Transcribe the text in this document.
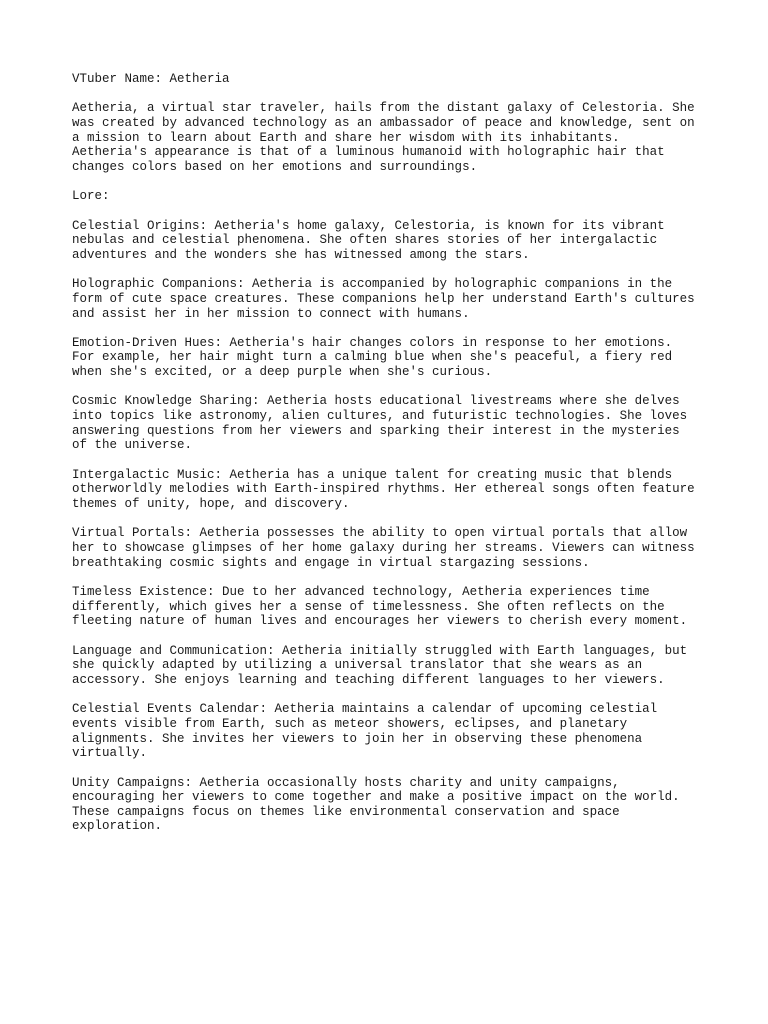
VTuber Name: Aetheria
Aetheria, a virtual star traveler, hails from the distant galaxy of Celestoria. She
was created by advanced technology as an ambassador of peace and knowledge, sent on
a mission to learn about Earth and share her wisdom with its inhabitants.
Aetheria's appearance is that of a luminous humanoid with holographic hair that
changes colors based on her emotions and surroundings.
Lore:
Celestial Origins: Aetheria's home galaxy, Celestoria, is known for its vibrant
nebulas and celestial phenomena. She often shares stories of her intergalactic
adventures and the wonders she has witnessed among the stars.
Holographic Companions: Aetheria is accompanied by holographic companions in the
form of cute space creatures. These companions help her understand Earth's cultures
and assist her in her mission to connect with humans.
Emotion-Driven Hues: Aetheria's hair changes colors in response to her emotions.
For example, her hair might turn a calming blue when she's peaceful, a fiery red
when she's excited, or a deep purple when she's curious.
Cosmic Knowledge Sharing: Aetheria hosts educational livestreams where she delves
into topics like astronomy, alien cultures, and futuristic technologies. She loves
answering questions from her viewers and sparking their interest in the mysteries
of the universe.
Intergalactic Music: Aetheria has a unique talent for creating music that blends
otherworldly melodies with Earth-inspired rhythms. Her ethereal songs often feature
themes of unity, hope, and discovery.
Virtual Portals: Aetheria possesses the ability to open virtual portals that allow
her to showcase glimpses of her home galaxy during her streams. Viewers can witness
breathtaking cosmic sights and engage in virtual stargazing sessions.
Timeless Existence: Due to her advanced technology, Aetheria experiences time
differently, which gives her a sense of timelessness. She often reflects on the
fleeting nature of human lives and encourages her viewers to cherish every moment.
Language and Communication: Aetheria initially struggled with Earth languages, but
she quickly adapted by utilizing a universal translator that she wears as an
accessory. She enjoys learning and teaching different languages to her viewers.
Celestial Events Calendar: Aetheria maintains a calendar of upcoming celestial
events visible from Earth, such as meteor showers, eclipses, and planetary
alignments. She invites her viewers to join her in observing these phenomena
virtually.
Unity Campaigns: Aetheria occasionally hosts charity and unity campaigns,
encouraging her viewers to come together and make a positive impact on the world.
These campaigns focus on themes like environmental conservation and space
exploration.
